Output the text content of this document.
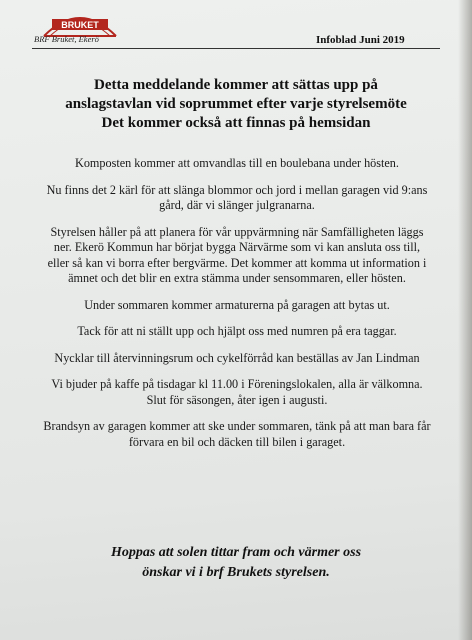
BRUKET
BRF Bruket, Ekerö	Infoblad Juni 2019
Detta meddelande kommer att sättas upp på
anslagstavlan vid soprummet efter varje styrelsemöte
Det kommer också att finnas på hemsidan

Komposten kommer att omvandlas till en boulebana under hösten.

Nu finns det 2 kärl för att slänga blommor och jord i mellan garagen vid 9:ans gård, där vi slänger julgranarna.

Styrelsen håller på att planera för vår uppvärmning när Samfälligheten läggs ner. Ekerö Kommun har börjat bygga Närvärme som vi kan ansluta oss till, eller så kan vi borra efter bergvärme. Det kommer att komma ut information i ämnet och det blir en extra stämma under sensommaren, eller hösten.

Under sommaren kommer armaturerna på garagen att bytas ut.

Tack för att ni ställt upp och hjälpt oss med numren på era taggar.

Nycklar till återvinningsrum och cykelförråd kan beställas av Jan Lindman

Vi bjuder på kaffe på tisdagar kl 11.00 i Föreningslokalen, alla är välkomna. Slut för säsongen, åter igen i augusti.

Brandsyn av garagen kommer att ske under sommaren, tänk på att man bara får förvara en bil och däcken till bilen i garaget.

Hoppas att solen tittar fram och värmer oss
önskar vi i brf Brukets styrelsen.
